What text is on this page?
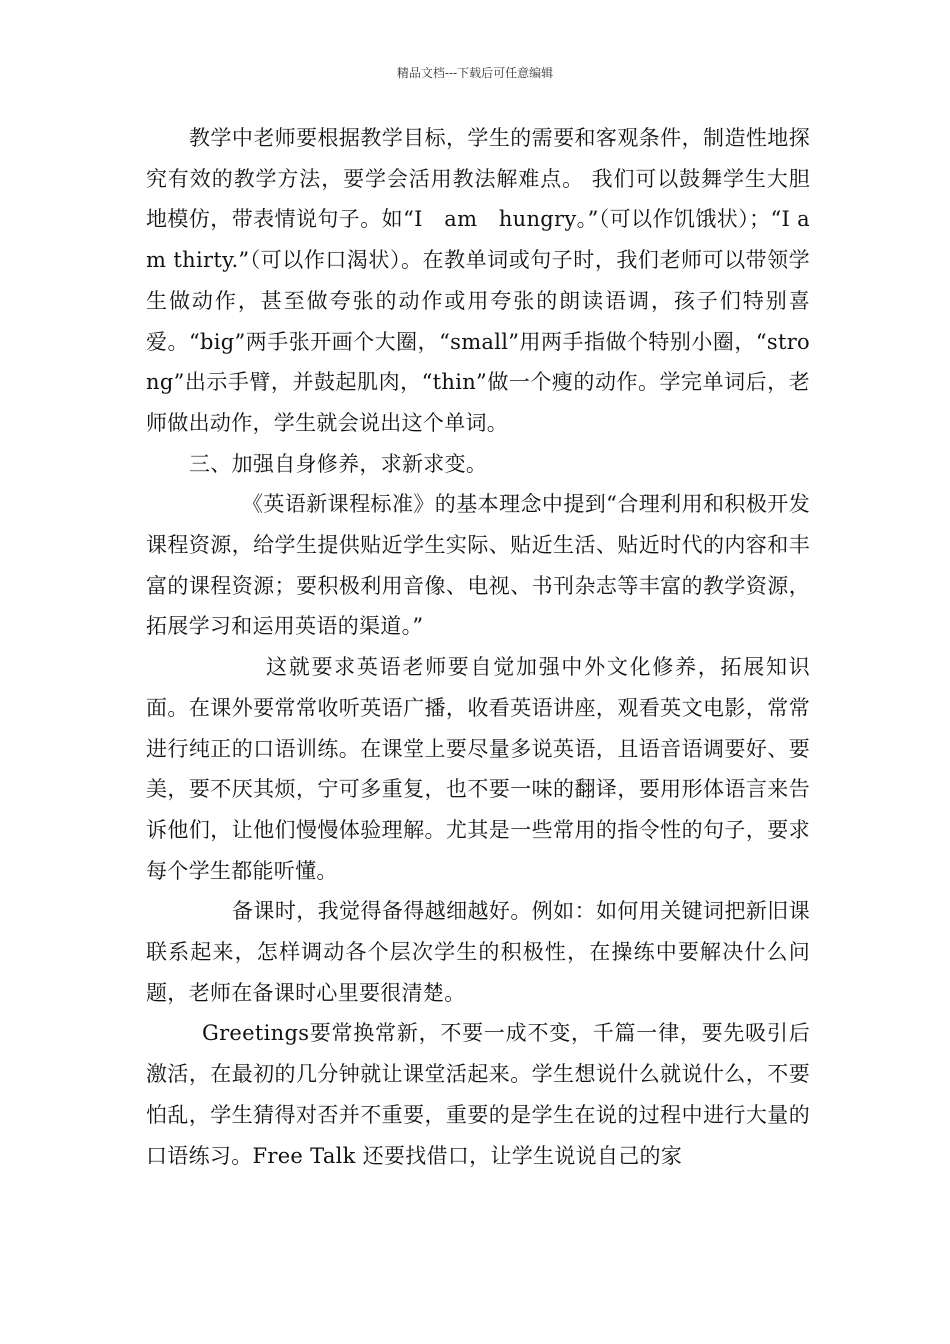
精品文档---下载后可任意编辑

教学中老师要根据教学目标，学生的需要和客观条件，制造性地探究有效的教学方法，要学会活用教法解难点。 我们可以鼓舞学生大胆地模仿，带表情说句子。如“I　am　hungry。”（可以作饥饿状）；“I am thirty.”（可以作口渴状）。在教单词或句子时，我们老师可以带领学生做动作，甚至做夸张的动作或用夸张的朗读语调，孩子们特别喜爱。“big”两手张开画个大圈，“small”用两手指做个特别小圈，“strong”出示手臂，并鼓起肌肉，“thin”做一个瘦的动作。学完单词后，老师做出动作，学生就会说出这个单词。

三、加强自身修养，求新求变。

《英语新课程标准》的基本理念中提到“合理利用和积极开发课程资源，给学生提供贴近学生实际、贴近生活、贴近时代的内容和丰富的课程资源；要积极利用音像、电视、书刊杂志等丰富的教学资源，拓展学习和运用英语的渠道。”

这就要求英语老师要自觉加强中外文化修养，拓展知识面。在课外要常常收听英语广播，收看英语讲座，观看英文电影，常常进行纯正的口语训练。在课堂上要尽量多说英语，且语音语调要好、要美，要不厌其烦，宁可多重复，也不要一味的翻译，要用形体语言来告诉他们，让他们慢慢体验理解。尤其是一些常用的指令性的句子，要求每个学生都能听懂。

备课时，我觉得备得越细越好。例如：如何用关键词把新旧课联系起来，怎样调动各个层次学生的积极性，在操练中要解决什么问题，老师在备课时心里要很清楚。

Greetings要常换常新，不要一成不变，千篇一律，要先吸引后激活，在最初的几分钟就让课堂活起来。学生想说什么就说什么，不要怕乱，学生猜得对否并不重要，重要的是学生在说的过程中进行大量的口语练习。Free Talk 还要找借口，让学生说说自己的家
